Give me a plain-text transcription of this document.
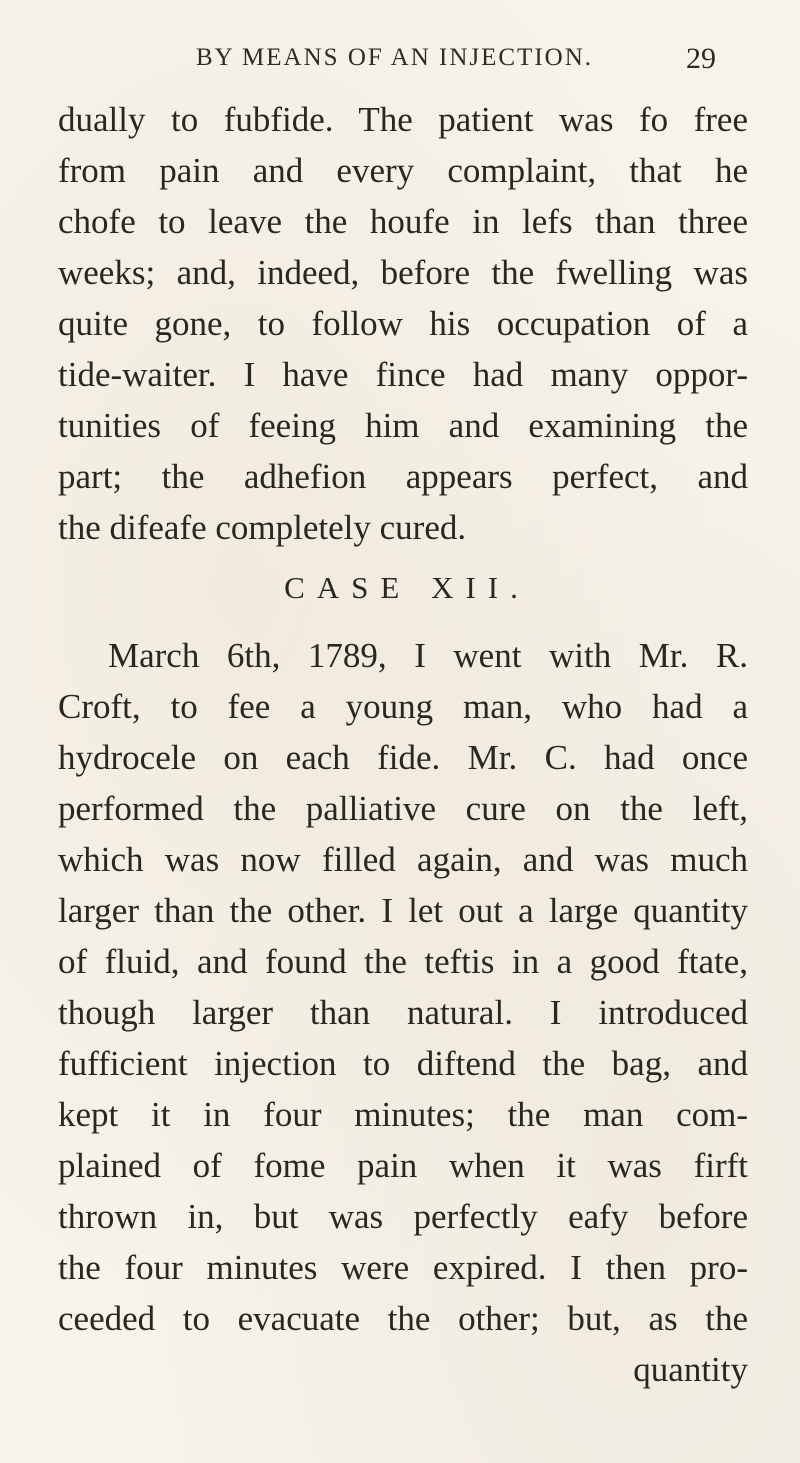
BY MEANS OF AN INJECTION.	29
dually to fubfide. The patient was fo free
from pain and every complaint, that he
chofe to leave the houfe in lefs than three
weeks; and, indeed, before the fwelling was
quite gone, to follow his occupation of a
tide-waiter. I have fince had many oppor-
tunities of feeing him and examining the
part; the adhefion appears perfect, and
the difeafe completely cured.
CASE XII.
March 6th, 1789, I went with Mr. R.
Croft, to fee a young man, who had a
hydrocele on each fide. Mr. C. had once
performed the palliative cure on the left,
which was now filled again, and was much
larger than the other. I let out a large quantity
of fluid, and found the teftis in a good ftate,
though larger than natural. I introduced
fufficient injection to diftend the bag, and
kept it in four minutes; the man com-
plained of fome pain when it was firft
thrown in, but was perfectly eafy before
the four minutes were expired. I then pro-
ceeded to evacuate the other; but, as the
quantity
